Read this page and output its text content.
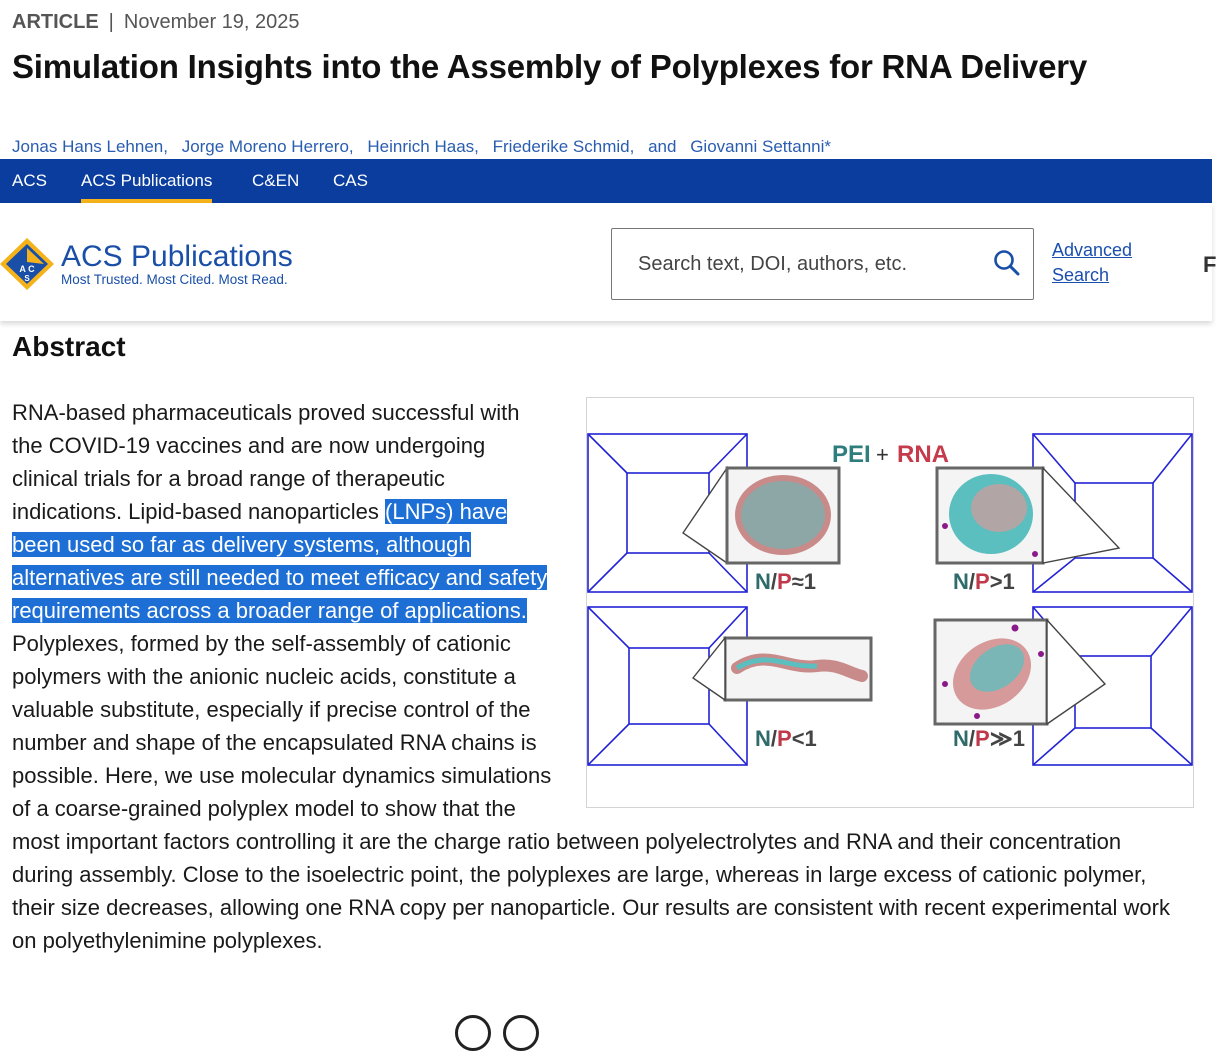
ARTICLE | November 19, 2025
Simulation Insights into the Assembly of Polyplexes for RNA Delivery
Jonas Hans Lehnen, Jorge Moreno Herrero, Heinrich Haas, Friederike Schmid, and Giovanni Settanni*
ACS ACS Publications C&EN CAS
A C
S
ACS Publications
Most Trusted. Most Cited. Most Read.
Search text, DOI, authors, etc.
Advanced
Search	F
Abstract
PEI + RNA
N/P≈1	N/P>1
N/P<1	N/P≫1
RNA-based pharmaceuticals proved successful with the COVID-19 vaccines and are now undergoing clinical trials for a broad range of therapeutic indications. Lipid-based nanoparticles (LNPs) have been used so far as delivery systems, although alternatives are still needed to meet efficacy and safety requirements across a broader range of applications. Polyplexes, formed by the self-assembly of cationic polymers with the anionic nucleic acids, constitute a valuable substitute, especially if precise control of the number and shape of the encapsulated RNA chains is possible. Here, we use molecular dynamics simulations of a coarse-grained polyplex model to show that the most important factors controlling it are the charge ratio between polyelectrolytes and RNA and their concentration during assembly. Close to the isoelectric point, the polyplexes are large, whereas in large excess of cationic polymer, their size decreases, allowing one RNA copy per nanoparticle. Our results are consistent with recent experimental work on polyethylenimine polyplexes.
